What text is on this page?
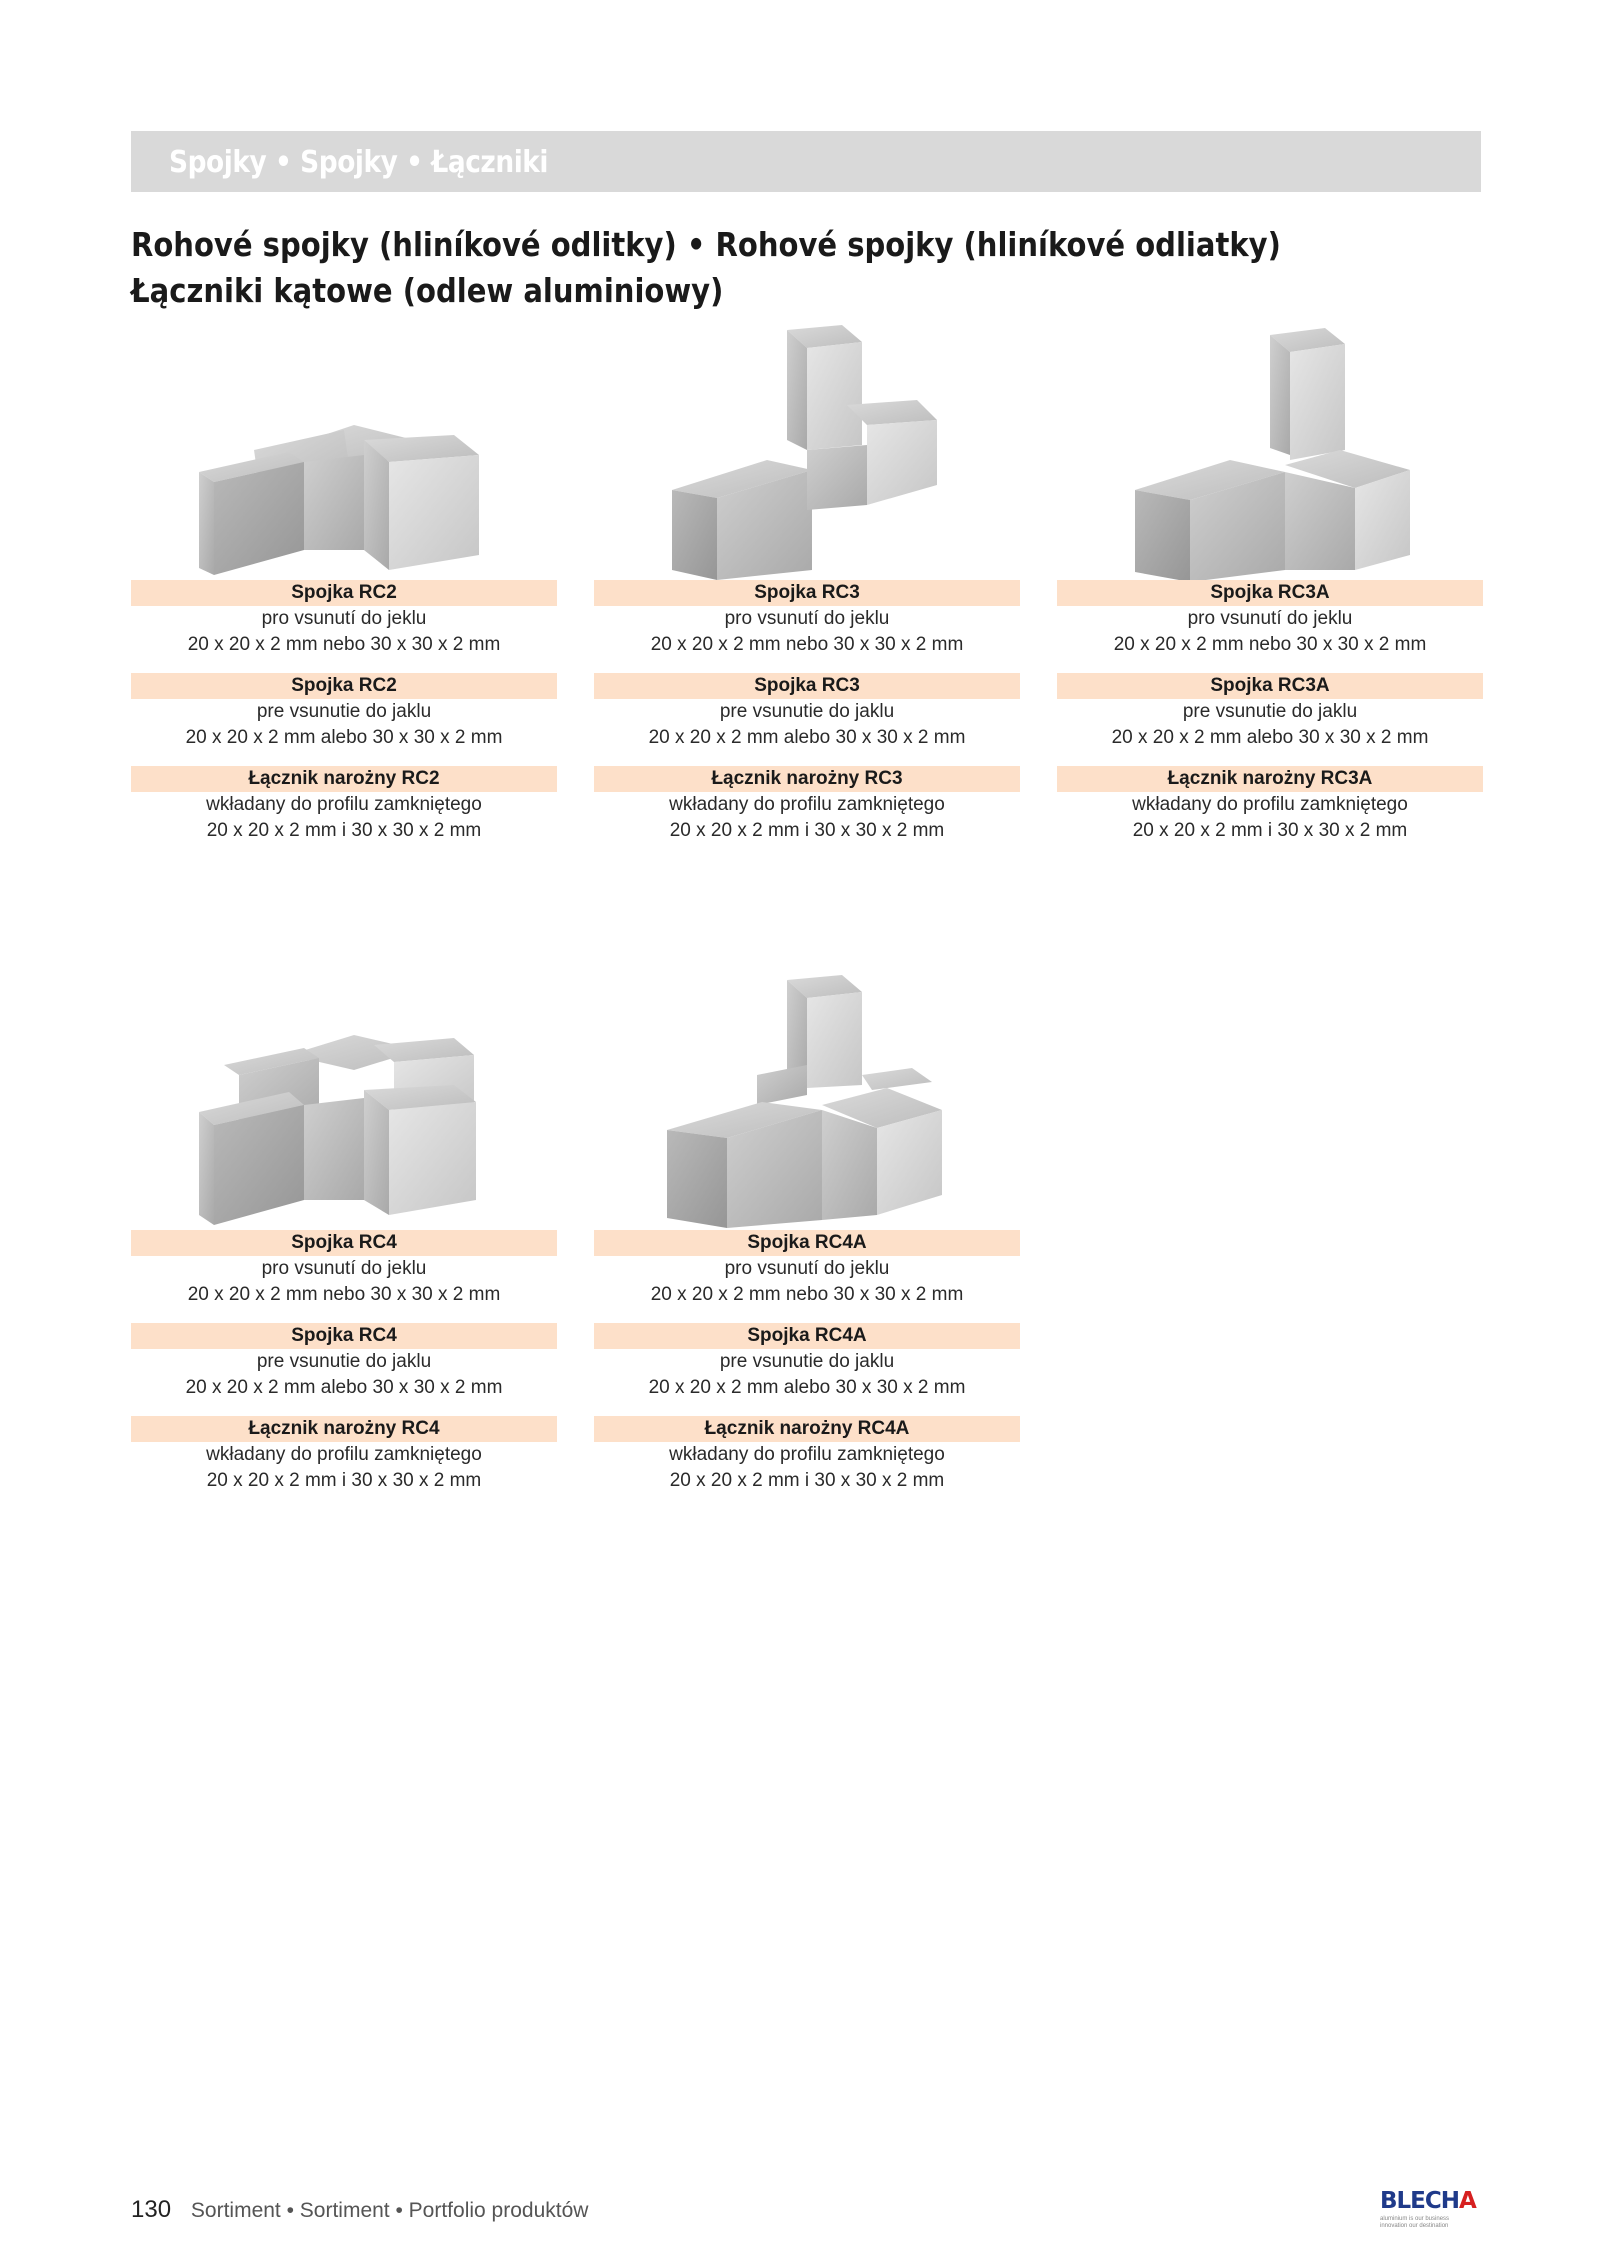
Spojky • Spojky • Łączniki
Rohové spojky (hliníkové odlitky) • Rohové spojky (hliníkové odliatky)
Łączniki kątowe (odlew aluminiowy)
Spojka RC2
pro vsunutí do jeklu
20 x 20 x 2 mm nebo 30 x 30 x 2 mm
Spojka RC2
pre vsunutie do jaklu
20 x 20 x 2 mm alebo 30 x 30 x 2 mm
Łącznik narożny RC2
wkładany do profilu zamkniętego
20 x 20 x 2 mm i 30 x 30 x 2 mm
Spojka RC3
pro vsunutí do jeklu
20 x 20 x 2 mm nebo 30 x 30 x 2 mm
Spojka RC3
pre vsunutie do jaklu
20 x 20 x 2 mm alebo 30 x 30 x 2 mm
Łącznik narożny RC3
wkładany do profilu zamkniętego
20 x 20 x 2 mm i 30 x 30 x 2 mm
Spojka RC3A
pro vsunutí do jeklu
20 x 20 x 2 mm nebo 30 x 30 x 2 mm
Spojka RC3A
pre vsunutie do jaklu
20 x 20 x 2 mm alebo 30 x 30 x 2 mm
Łącznik narożny RC3A
wkładany do profilu zamkniętego
20 x 20 x 2 mm i 30 x 30 x 2 mm
Spojka RC4
pro vsunutí do jeklu
20 x 20 x 2 mm nebo 30 x 30 x 2 mm
Spojka RC4
pre vsunutie do jaklu
20 x 20 x 2 mm alebo 30 x 30 x 2 mm
Łącznik narożny RC4
wkładany do profilu zamkniętego
20 x 20 x 2 mm i 30 x 30 x 2 mm
Spojka RC4A
pro vsunutí do jeklu
20 x 20 x 2 mm nebo 30 x 30 x 2 mm
Spojka RC4A
pre vsunutie do jaklu
20 x 20 x 2 mm alebo 30 x 30 x 2 mm
Łącznik narożny RC4A
wkładany do profilu zamkniętego
20 x 20 x 2 mm i 30 x 30 x 2 mm
130 Sortiment • Sortiment • Portfolio produktów	BLECHA
aluminium is our business
innovation our destination
